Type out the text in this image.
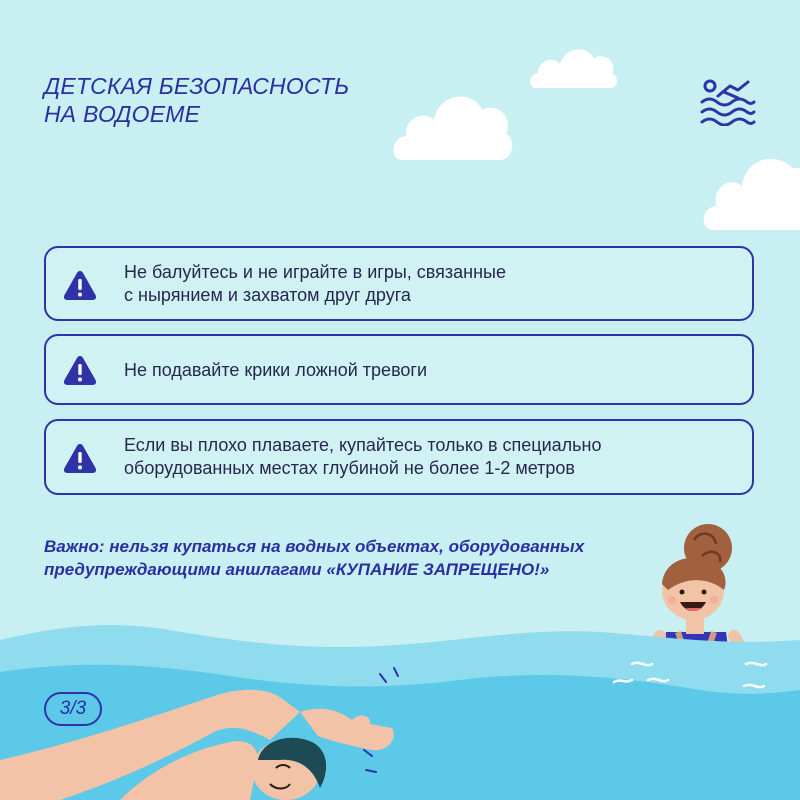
ДЕТСКАЯ БЕЗОПАСНОСТЬ
НА ВОДОЕМЕ
Не балуйтесь и не играйте в игры, связанные
с нырянием и захватом друг друга
Не подавайте крики ложной тревоги
Если вы плохо плаваете, купайтесь только в специально
оборудованных местах глубиной не более 1-2 метров
Важно: нельзя купаться на водных объектах, оборудованных
предупреждающими аншлагами «КУПАНИЕ ЗАПРЕЩЕНО!»
3/3
